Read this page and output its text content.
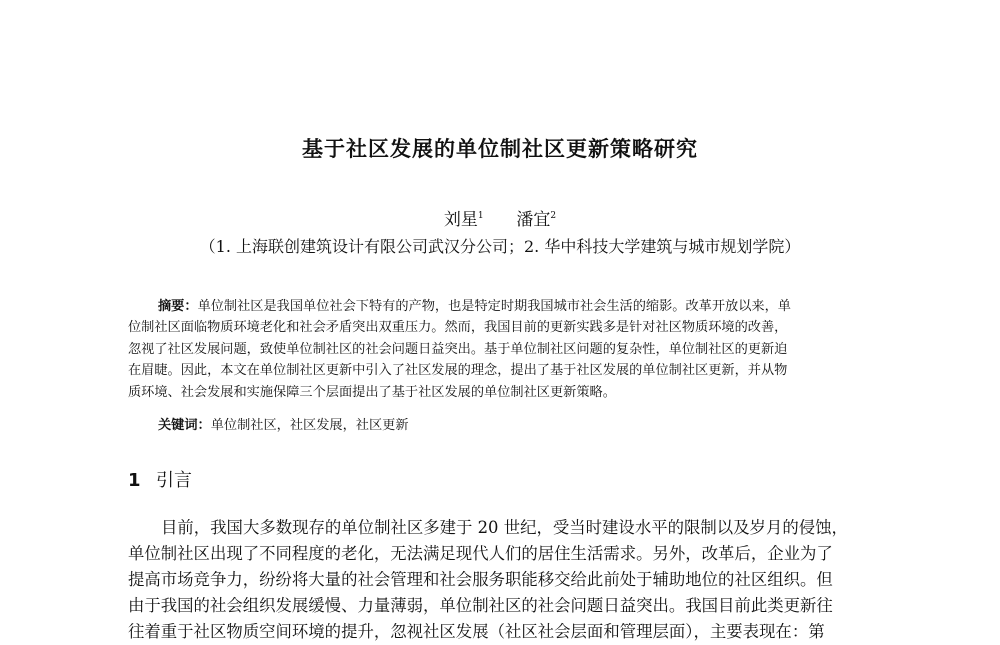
基于社区发展的单位制社区更新策略研究
刘星$^1$ 潘宜$^2$
（1. 上海联创建筑设计有限公司武汉分公司；2. 华中科技大学建筑与城市规划学院）
摘要：单位制社区是我国单位社会下特有的产物，也是特定时期我国城市社会生活的缩影。改革开放以来，单
位制社区面临物质环境老化和社会矛盾突出双重压力。然而，我国目前的更新实践多是针对社区物质环境的改善，
忽视了社区发展问题，致使单位制社区的社会问题日益突出。基于单位制社区问题的复杂性，单位制社区的更新迫
在眉睫。因此，本文在单位制社区更新中引入了社区发展的理念，提出了基于社区发展的单位制社区更新，并从物
质环境、社会发展和实施保障三个层面提出了基于社区发展的单位制社区更新策略。
关键词：单位制社区，社区发展，社区更新
1 引言
目前，我国大多数现存的单位制社区多建于 20 世纪，受当时建设水平的限制以及岁月的侵蚀，
单位制社区出现了不同程度的老化，无法满足现代人们的居住生活需求。另外，改革后，企业为了
提高市场竞争力，纷纷将大量的社会管理和社会服务职能移交给此前处于辅助地位的社区组织。但
由于我国的社会组织发展缓慢、力量薄弱，单位制社区的社会问题日益突出。我国目前此类更新往
往着重于社区物质空间环境的提升，忽视社区发展（社区社会层面和管理层面），主要表现在：第
